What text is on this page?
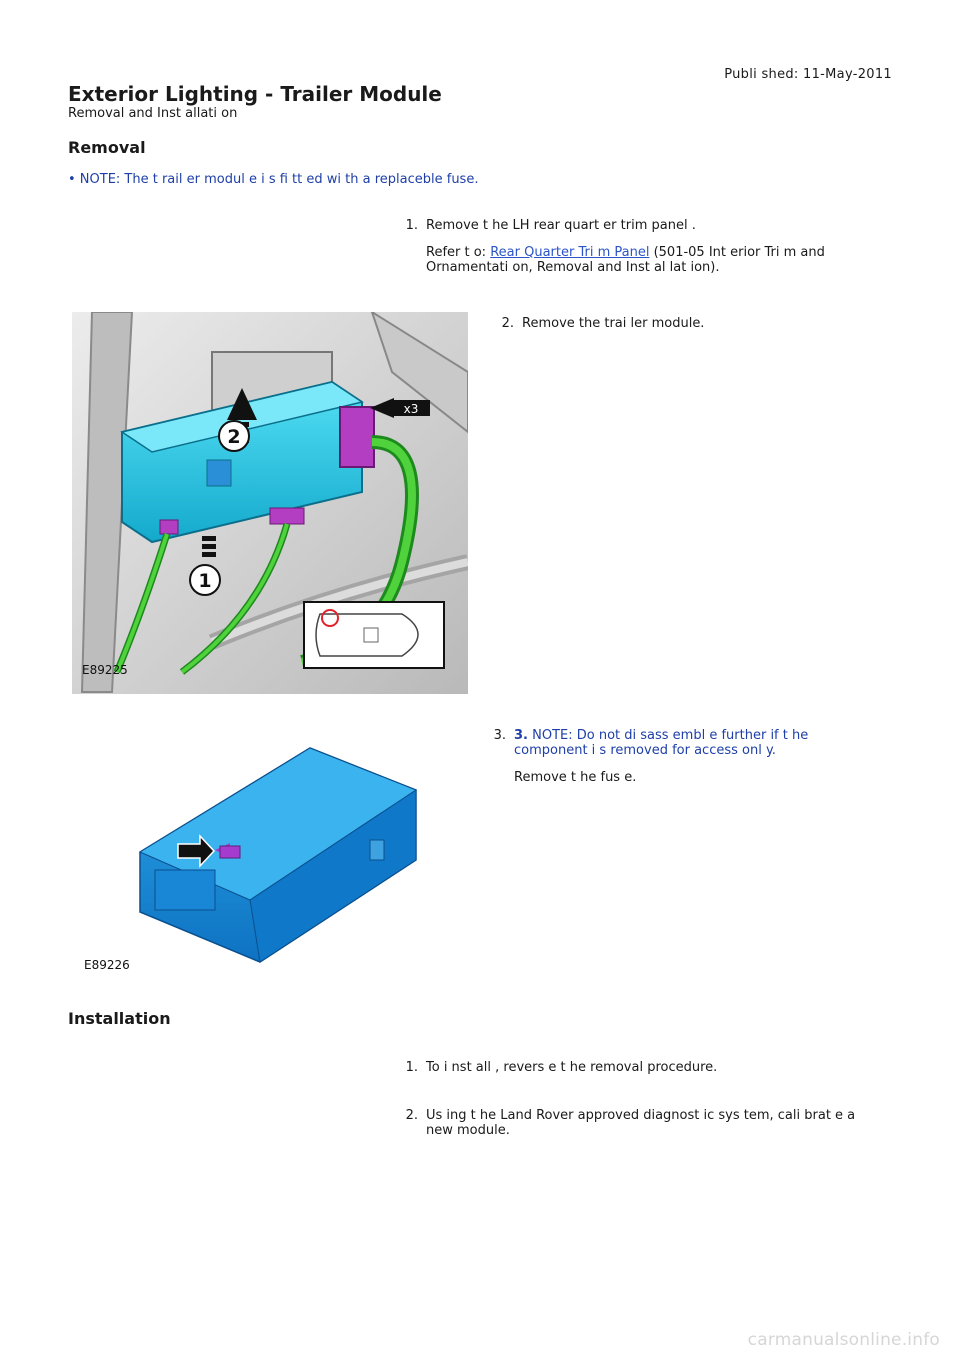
Publi shed: 11-May-2011
Exterior Lighting - Trailer Module
Removal and Inst allati on
Removal
• NOTE: The t rail er modul e i s fi tt ed wi th a replaceble fuse.
1. Remove t he LH rear quart er trim panel .

Refer t o: Rear Quarter Tri m Panel (501-05 Int erior Tri m and Ornamentati on, Removal and Inst al lat ion).

2
1
x3
E89225
2. Remove the trai ler module.

3. 3. NOTE: Do not di sass embl e further if t he component i s removed for access onl y.

Remove t he fus e.

E89226
Installation
1. To i nst all , revers e t he removal procedure.

2. Us ing t he Land Rover approved diagnost ic sys tem, cali brat e a new module.

carmanualsonline.info
